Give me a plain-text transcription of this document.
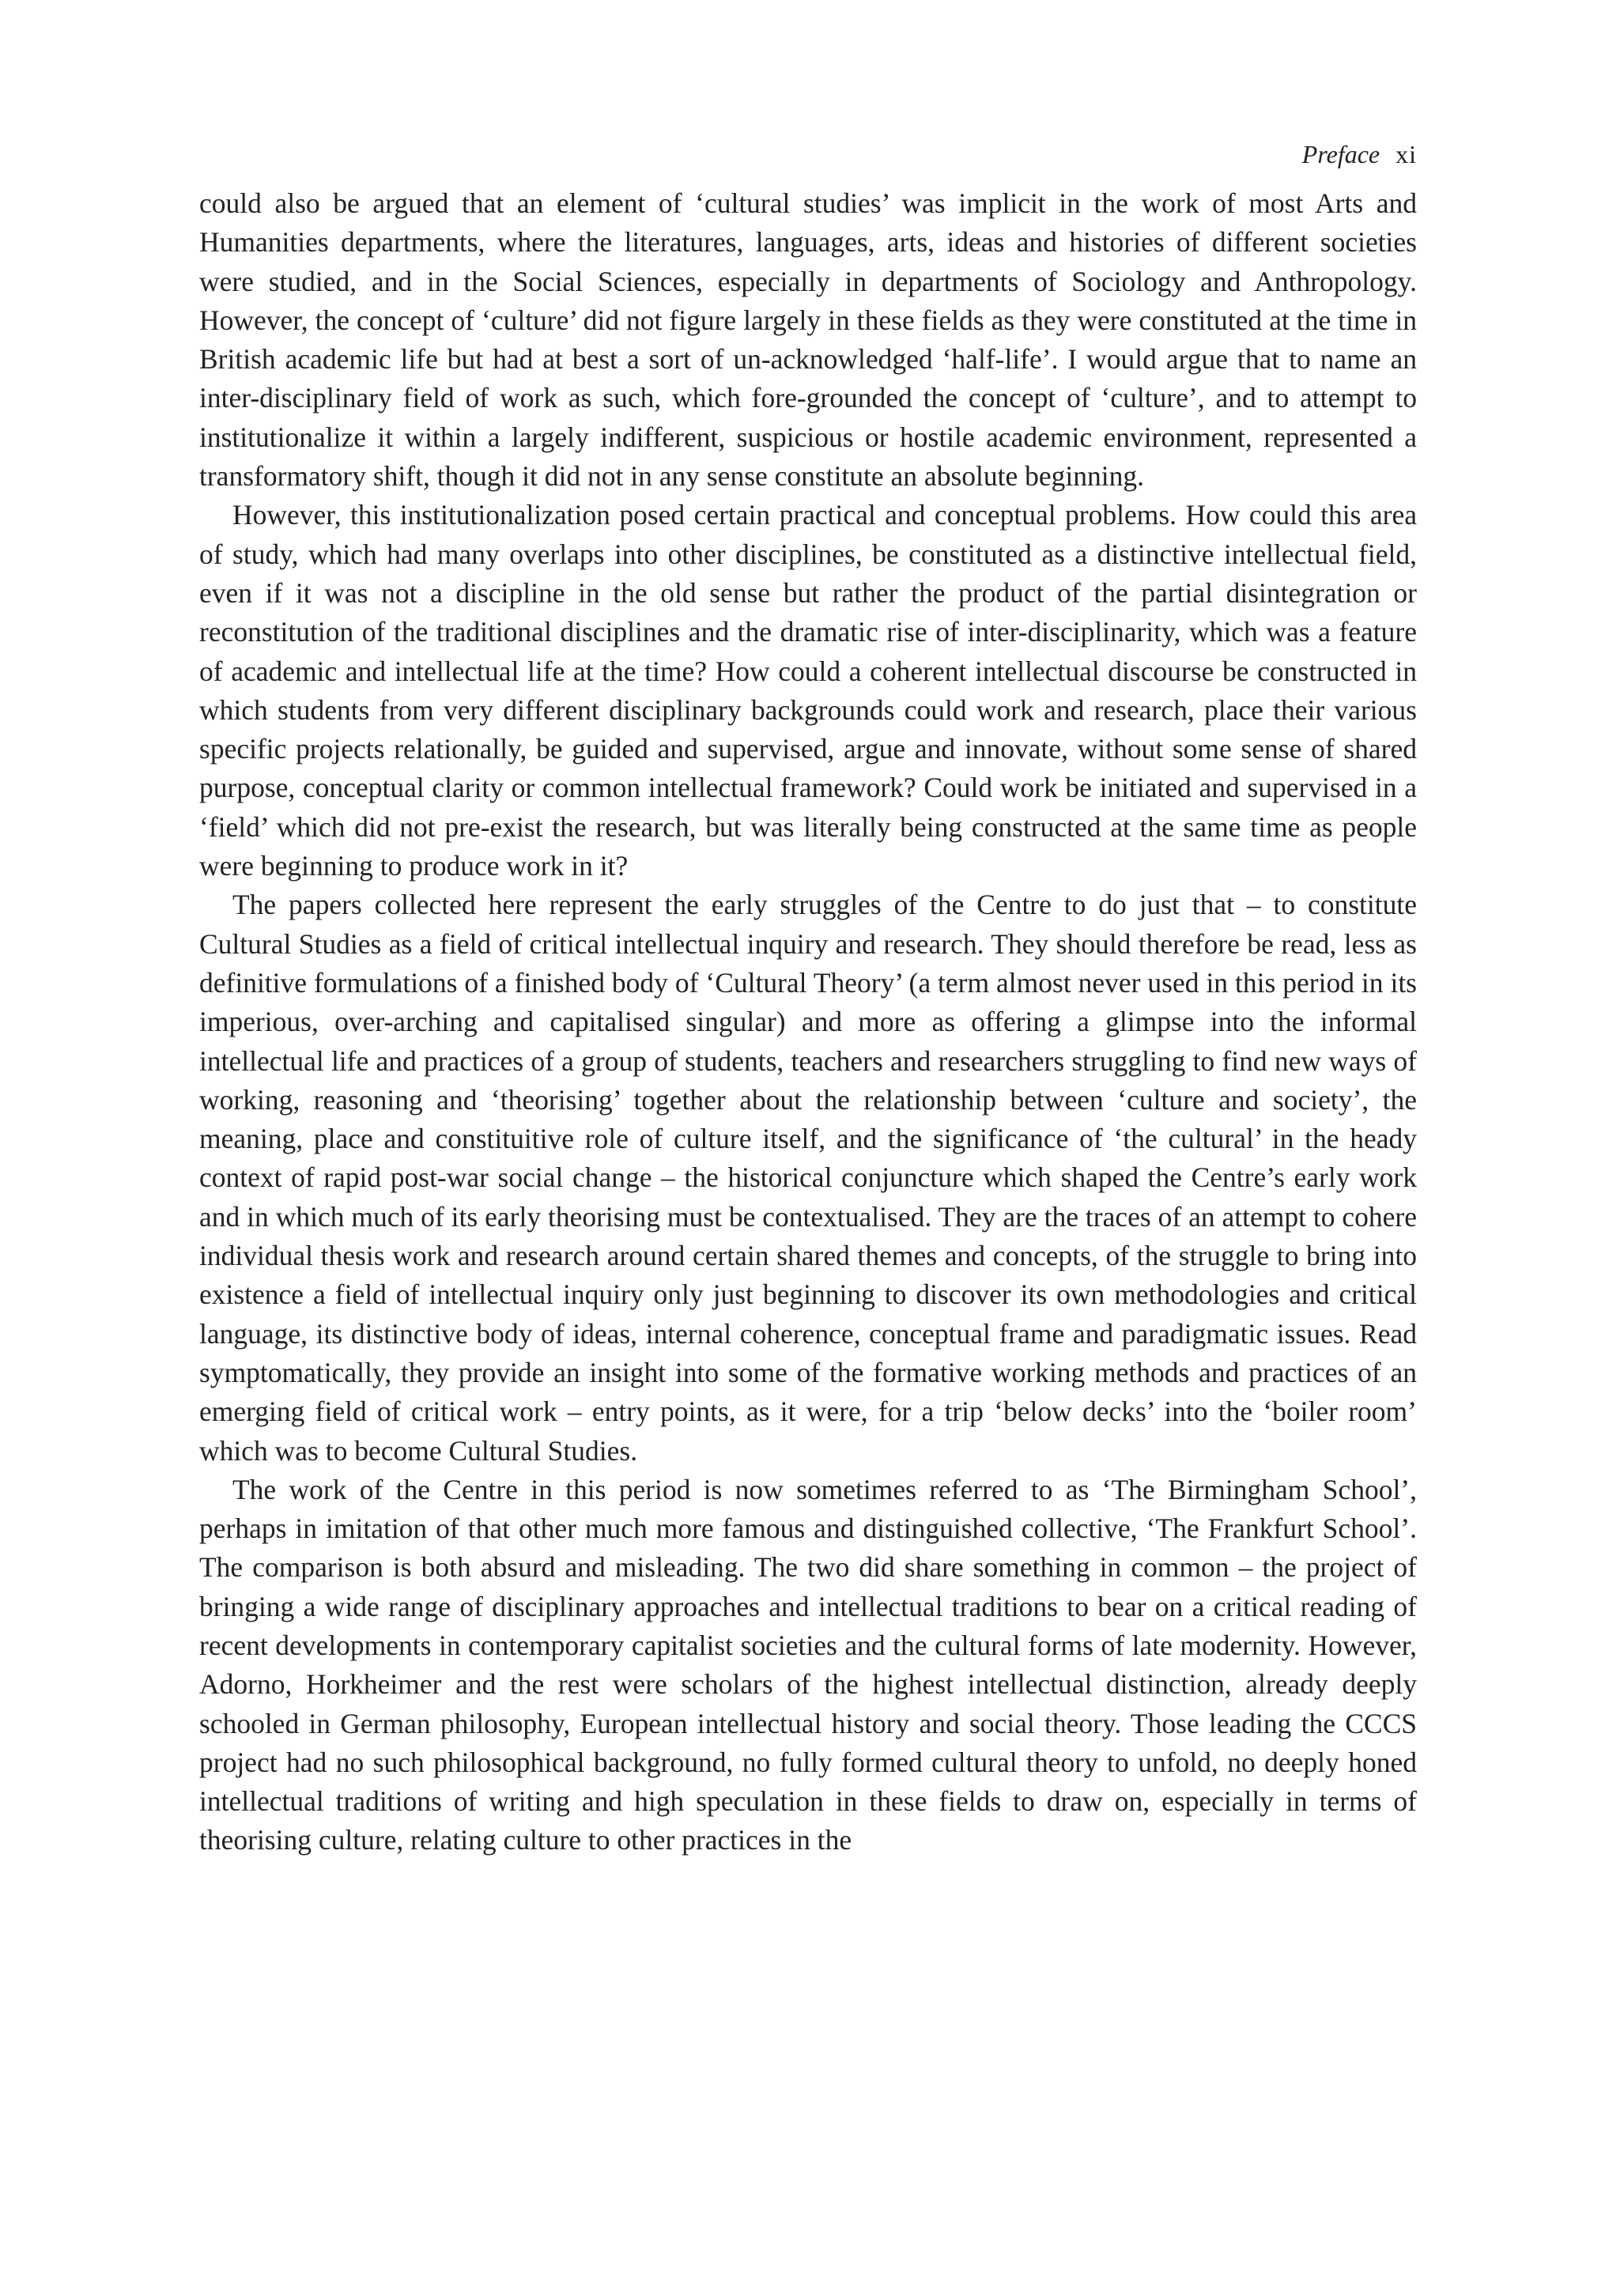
Preface xi

could also be argued that an element of ‘cultural studies’ was implicit in the work of most Arts and Humanities departments, where the literatures, languages, arts, ideas and histories of different societies were studied, and in the Social Sciences, especially in departments of Sociology and Anthropology. However, the concept of ‘culture’ did not figure largely in these fields as they were constituted at the time in British academic life but had at best a sort of un-acknowledged ‘half-life’. I would argue that to name an inter-disciplinary field of work as such, which fore-grounded the concept of ‘culture’, and to attempt to institutionalize it within a largely indifferent, suspicious or hostile academic environment, represented a transformatory shift, though it did not in any sense constitute an absolute beginning.

However, this institutionalization posed certain practical and conceptual problems. How could this area of study, which had many overlaps into other disciplines, be constituted as a distinctive intellectual field, even if it was not a discipline in the old sense but rather the product of the partial disintegration or reconstitution of the traditional disciplines and the dramatic rise of inter-disciplinarity, which was a feature of academic and intellectual life at the time? How could a coherent intellectual discourse be constructed in which students from very different disciplinary backgrounds could work and research, place their various specific projects relationally, be guided and supervised, argue and innovate, without some sense of shared purpose, conceptual clarity or common intellectual framework? Could work be initiated and supervised in a ‘field’ which did not pre-exist the research, but was literally being constructed at the same time as people were beginning to produce work in it?

The papers collected here represent the early struggles of the Centre to do just that – to constitute Cultural Studies as a field of critical intellectual inquiry and research. They should therefore be read, less as definitive formulations of a finished body of ‘Cultural Theory’ (a term almost never used in this period in its imperious, over-arching and capitalised singular) and more as offering a glimpse into the informal intellectual life and practices of a group of students, teachers and researchers struggling to find new ways of working, reasoning and ‘theorising’ together about the relationship between ‘culture and society’, the meaning, place and constituitive role of culture itself, and the significance of ‘the cultural’ in the heady context of rapid post-war social change – the historical conjuncture which shaped the Centre’s early work and in which much of its early theorising must be contextualised. They are the traces of an attempt to cohere individual thesis work and research around certain shared themes and concepts, of the struggle to bring into existence a field of intellectual inquiry only just beginning to discover its own methodologies and critical language, its distinctive body of ideas, internal coherence, conceptual frame and paradigmatic issues. Read symptomatically, they provide an insight into some of the formative working methods and practices of an emerging field of critical work – entry points, as it were, for a trip ‘below decks’ into the ‘boiler room’ which was to become Cultural Studies.

The work of the Centre in this period is now sometimes referred to as ‘The Birmingham School’, perhaps in imitation of that other much more famous and distinguished collective, ‘The Frankfurt School’. The comparison is both absurd and misleading. The two did share something in common – the project of bringing a wide range of disciplinary approaches and intellectual traditions to bear on a critical reading of recent developments in contemporary capitalist societies and the cultural forms of late modernity. However, Adorno, Horkheimer and the rest were scholars of the highest intellectual distinction, already deeply schooled in German philosophy, European intellectual history and social theory. Those leading the CCCS project had no such philosophical background, no fully formed cultural theory to unfold, no deeply honed intellectual traditions of writing and high speculation in these fields to draw on, especially in terms of theorising culture, relating culture to other practices in the
